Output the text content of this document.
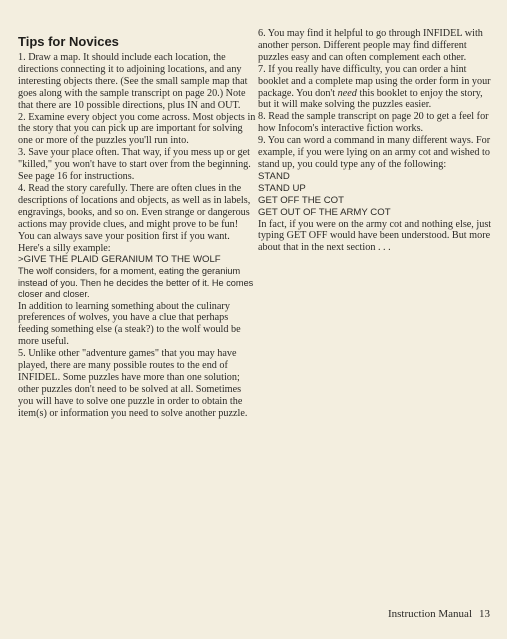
Tips for Novices

1. Draw a map. It should include each location, the directions connecting it to adjoining locations, and any interesting objects there. (See the small sample map that goes along with the sample transcript on page 20.) Note that there are 10 possible directions, plus IN and OUT.

2. Examine every object you come across. Most objects in the story that you can pick up are important for solving one or more of the puzzles you'll run into.

3. Save your place often. That way, if you mess up or get "killed," you won't have to start over from the beginning. See page 16 for instructions.

4. Read the story carefully. There are often clues in the descriptions of locations and objects, as well as in labels, engravings, books, and so on. Even strange or dangerous actions may provide clues, and might prove to be fun! You can always save your position first if you want. Here's a silly example:

>GIVE THE PLAID GERANIUM TO THE WOLF

The wolf considers, for a moment, eating the geranium instead of you. Then he decides the better of it. He comes closer and closer.

In addition to learning something about the culinary preferences of wolves, you have a clue that perhaps feeding something else (a steak?) to the wolf would be more useful.

5. Unlike other "adventure games" that you may have played, there are many possible routes to the end of INFIDEL. Some puzzles have more than one solution; other puzzles don't need to be solved at all. Sometimes you will have to solve one puzzle in order to obtain the item(s) or information you need to solve another puzzle.

6. You may find it helpful to go through INFIDEL with another person. Different people may find different puzzles easy and can often complement each other.

7. If you really have difficulty, you can order a hint booklet and a complete map using the order form in your package. You don't need this booklet to enjoy the story, but it will make solving the puzzles easier.

8. Read the sample transcript on page 20 to get a feel for how Infocom's interactive fiction works.

9. You can word a command in many different ways. For example, if you were lying on an army cot and wished to stand up, you could type any of the following:

STAND

STAND UP

GET OFF THE COT

GET OUT OF THE ARMY COT

In fact, if you were on the army cot and nothing else, just typing GET OFF would have been understood. But more about that in the next section . . .

Instruction Manual 13
